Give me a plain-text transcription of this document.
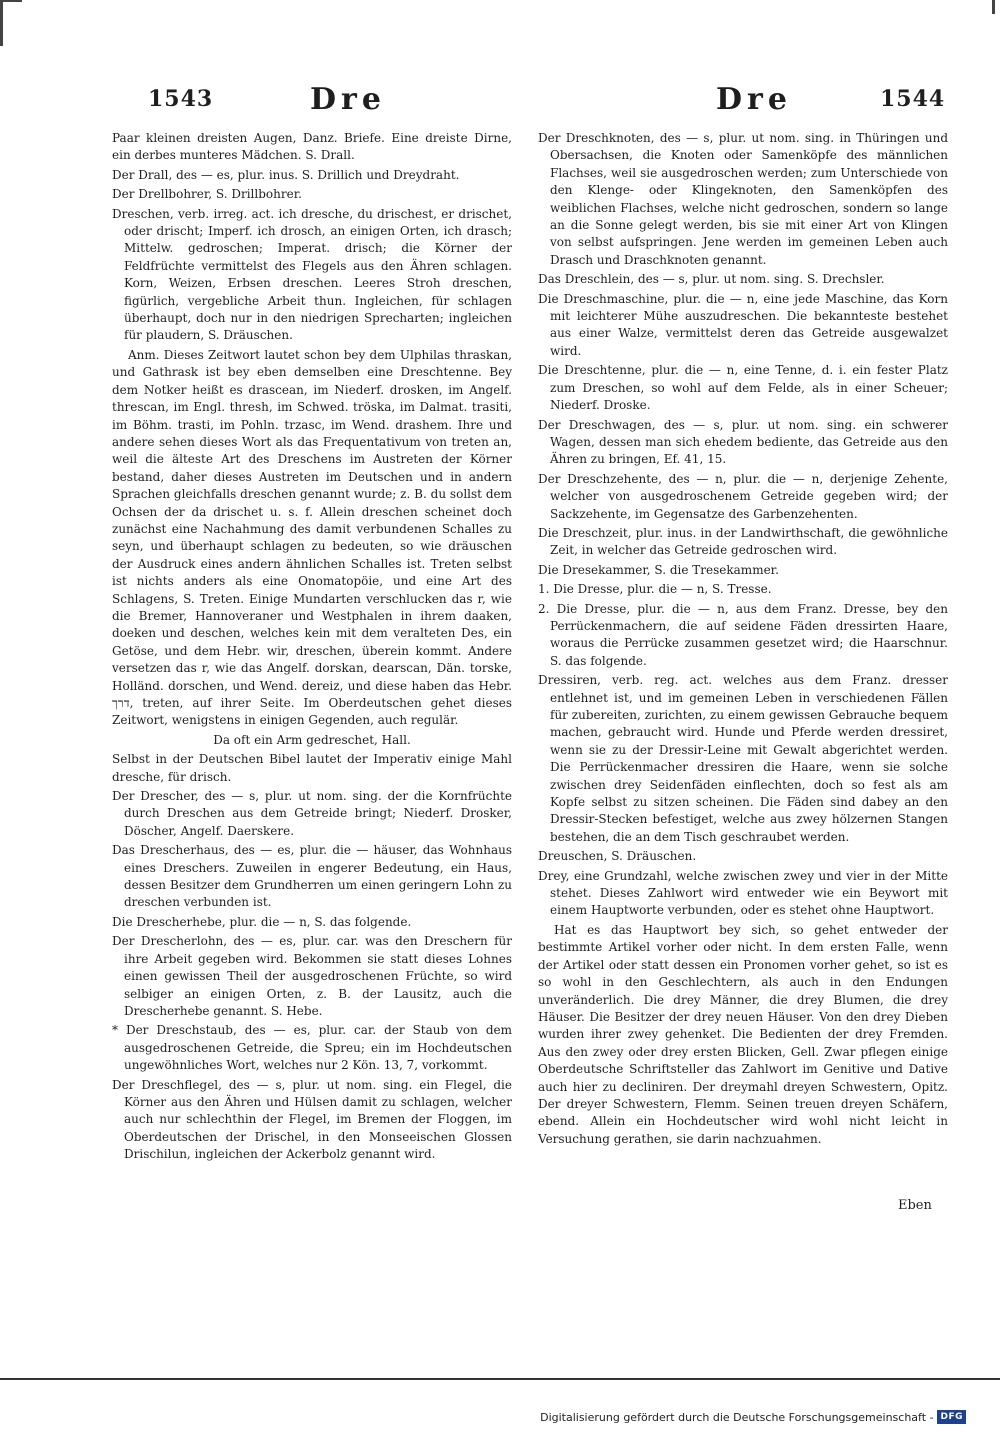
1543	Dre	Dre	1544

Paar kleinen dreisten Augen, Danz. Briefe. Eine dreiste Dirne, ein derbes munteres Mädchen. S. Drall.

Der Drall, des — es, plur. inus. S. Drillich und Dreydraht.

Der Drellbohrer, S. Drillbohrer.

Dreschen, verb. irreg. act. ich dresche, du drischest, er drischet, oder drischt; Imperf. ich drosch, an einigen Orten, ich drasch; Mittelw. gedroschen; Imperat. drisch; die Körner der Feldfrüchte vermittelst des Flegels aus den Ähren schlagen. Korn, Weizen, Erbsen dreschen. Leeres Stroh dreschen, figürlich, vergebliche Arbeit thun. Ingleichen, für schlagen überhaupt, doch nur in den niedrigen Sprecharten; ingleichen für plaudern, S. Dräuschen.

Anm. Dieses Zeitwort lautet schon bey dem Ulphilas thraskan, und Gathrask ist bey eben demselben eine Dreschtenne. Bey dem Notker heißt es drascean, im Niederf. drosken, im Angelf. threscan, im Engl. thresh, im Schwed. tröska, im Dalmat. trasiti, im Böhm. trasti, im Pohln. trzasc, im Wend. drashem. Ihre und andere sehen dieses Wort als das Frequentativum von treten an, weil die älteste Art des Dreschens im Austreten der Körner bestand, daher dieses Austreten im Deutschen und in andern Sprachen gleichfalls dreschen genannt wurde; z. B. du sollst dem Ochsen der da drischet u. s. f. Allein dreschen scheinet doch zunächst eine Nachahmung des damit verbundenen Schalles zu seyn, und überhaupt schlagen zu bedeuten, so wie dräuschen der Ausdruck eines andern ähnlichen Schalles ist. Treten selbst ist nichts anders als eine Onomatopöie, und eine Art des Schlagens, S. Treten. Einige Mundarten verschlucken das r, wie die Bremer, Hannoveraner und Westphalen in ihrem daaken, doeken und deschen, welches kein mit dem veralteten Des, ein Getöse, und dem Hebr. wir, dreschen, überein kommt. Andere versetzen das r, wie das Angelf. dorskan, dearscan, Dän. torske, Holländ. dorschen, und Wend. dereiz, und diese haben das Hebr. דרך, treten, auf ihrer Seite. Im Oberdeutschen gehet dieses Zeitwort, wenigstens in einigen Gegenden, auch regulär.

Da oft ein Arm gedreschet, Hall.

Selbst in der Deutschen Bibel lautet der Imperativ einige Mahl dresche, für drisch.

Der Drescher, des — s, plur. ut nom. sing. der die Kornfrüchte durch Dreschen aus dem Getreide bringt; Niederf. Drosker, Döscher, Angelf. Daerskere.

Das Drescherhaus, des — es, plur. die — häuser, das Wohnhaus eines Dreschers. Zuweilen in engerer Bedeutung, ein Haus, dessen Besitzer dem Grundherren um einen geringern Lohn zu dreschen verbunden ist.

Die Drescherhebe, plur. die — n, S. das folgende.

Der Drescherlohn, des — es, plur. car. was den Dreschern für ihre Arbeit gegeben wird. Bekommen sie statt dieses Lohnes einen gewissen Theil der ausgedroschenen Früchte, so wird selbiger an einigen Orten, z. B. der Lausitz, auch die Drescherhebe genannt. S. Hebe.

* Der Dreschstaub, des — es, plur. car. der Staub von dem ausgedroschenen Getreide, die Spreu; ein im Hochdeutschen ungewöhnliches Wort, welches nur 2 Kön. 13, 7, vorkommt.

Der Dreschflegel, des — s, plur. ut nom. sing. ein Flegel, die Körner aus den Ähren und Hülsen damit zu schlagen, welcher auch nur schlechthin der Flegel, im Bremen der Floggen, im Oberdeutschen der Drischel, in den Monseeischen Glossen Drischilun, ingleichen der Ackerbolz genannt wird.

Der Dreschknoten, des — s, plur. ut nom. sing. in Thüringen und Obersachsen, die Knoten oder Samenköpfe des männlichen Flachses, weil sie ausgedroschen werden; zum Unterschiede von den Klenge- oder Klingeknoten, den Samenköpfen des weiblichen Flachses, welche nicht gedroschen, sondern so lange an die Sonne gelegt werden, bis sie mit einer Art von Klingen von selbst aufspringen. Jene werden im gemeinen Leben auch Drasch und Draschknoten genannt.

Das Dreschlein, des — s, plur. ut nom. sing. S. Drechsler.

Die Dreschmaschine, plur. die — n, eine jede Maschine, das Korn mit leichterer Mühe auszudreschen. Die bekannteste bestehet aus einer Walze, vermittelst deren das Getreide ausgewalzet wird.

Die Dreschtenne, plur. die — n, eine Tenne, d. i. ein fester Platz zum Dreschen, so wohl auf dem Felde, als in einer Scheuer; Niederf. Droske.

Der Dreschwagen, des — s, plur. ut nom. sing. ein schwerer Wagen, dessen man sich ehedem bediente, das Getreide aus den Ähren zu bringen, Ef. 41, 15.

Der Dreschzehente, des — n, plur. die — n, derjenige Zehente, welcher von ausgedroschenem Getreide gegeben wird; der Sackzehente, im Gegensatze des Garbenzehenten.

Die Dreschzeit, plur. inus. in der Landwirthschaft, die gewöhnliche Zeit, in welcher das Getreide gedroschen wird.

Die Dresekammer, S. die Tresekammer.

1. Die Dresse, plur. die — n, S. Tresse.

2. Die Dresse, plur. die — n, aus dem Franz. Dresse, bey den Perrückenmachern, die auf seidene Fäden dressirten Haare, woraus die Perrücke zusammen gesetzet wird; die Haarschnur. S. das folgende.

Dressiren, verb. reg. act. welches aus dem Franz. dresser entlehnet ist, und im gemeinen Leben in verschiedenen Fällen für zubereiten, zurichten, zu einem gewissen Gebrauche bequem machen, gebraucht wird. Hunde und Pferde werden dressiret, wenn sie zu der Dressir-Leine mit Gewalt abgerichtet werden. Die Perrückenmacher dressiren die Haare, wenn sie solche zwischen drey Seidenfäden einflechten, doch so fest als am Kopfe selbst zu sitzen scheinen. Die Fäden sind dabey an den Dressir-Stecken befestiget, welche aus zwey hölzernen Stangen bestehen, die an dem Tisch geschraubet werden.

Dreuschen, S. Dräuschen.

Drey, eine Grundzahl, welche zwischen zwey und vier in der Mitte stehet. Dieses Zahlwort wird entweder wie ein Beywort mit einem Hauptworte verbunden, oder es stehet ohne Hauptwort.

Hat es das Hauptwort bey sich, so gehet entweder der bestimmte Artikel vorher oder nicht. In dem ersten Falle, wenn der Artikel oder statt dessen ein Pronomen vorher gehet, so ist es so wohl in den Geschlechtern, als auch in den Endungen unveränderlich. Die drey Männer, die drey Blumen, die drey Häuser. Die Besitzer der drey neuen Häuser. Von den drey Dieben wurden ihrer zwey gehenket. Die Bedienten der drey Fremden. Aus den zwey oder drey ersten Blicken, Gell. Zwar pflegen einige Oberdeutsche Schriftsteller das Zahlwort im Genitive und Dative auch hier zu decliniren. Der dreymahl dreyen Schwestern, Opitz. Der dreyer Schwestern, Flemm. Seinen treuen dreyen Schäfern, ebend. Allein ein Hochdeutscher wird wohl nicht leicht in Versuchung gerathen, sie darin nachzuahmen.

Eben
Digitalisierung gefördert durch die Deutsche Forschungsgemeinschaft - DFG
